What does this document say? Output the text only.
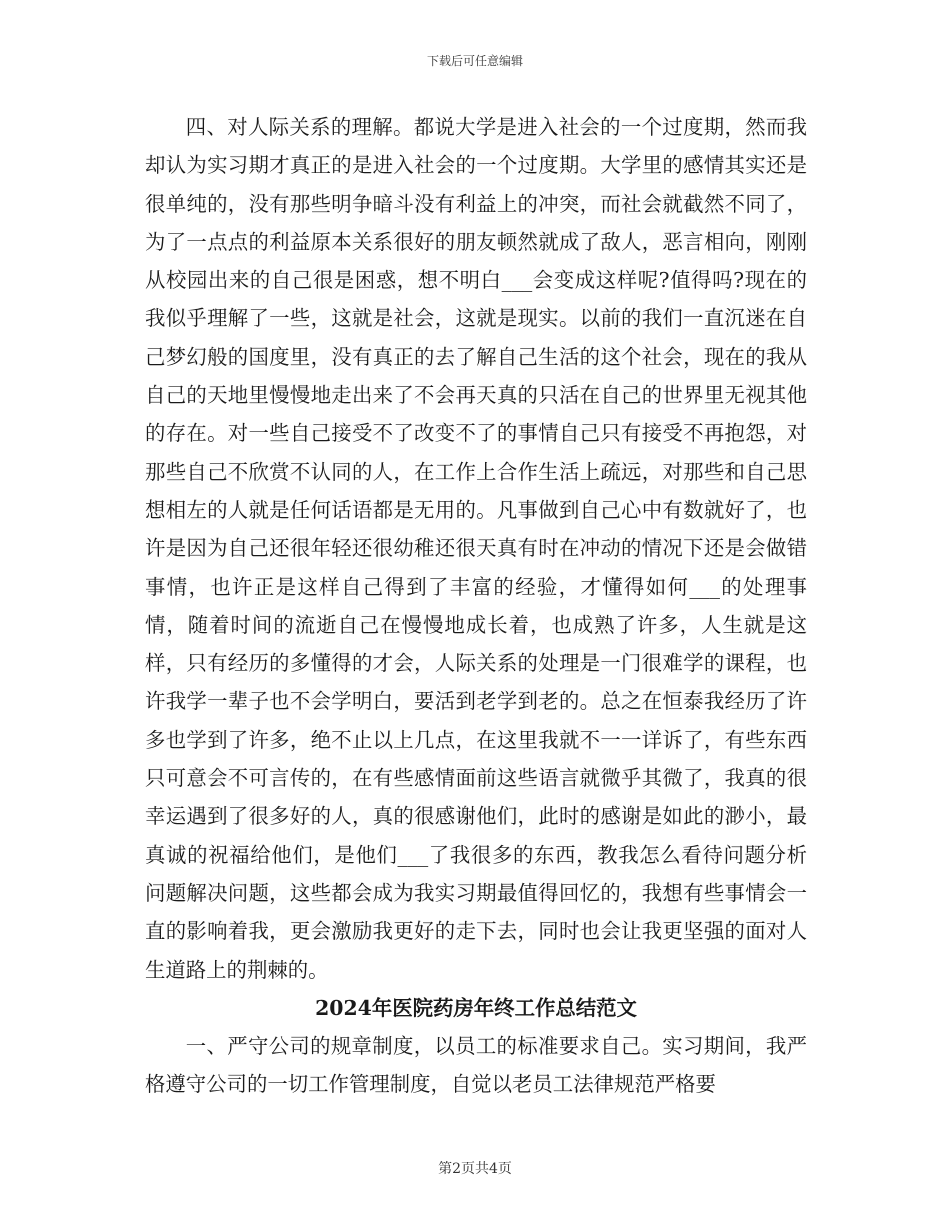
下载后可任意编辑

四、对人际关系的理解。都说大学是进入社会的一个过度期，然而我却认为实习期才真正的是进入社会的一个过度期。大学里的感情其实还是很单纯的，没有那些明争暗斗没有利益上的冲突，而社会就截然不同了，为了一点点的利益原本关系很好的朋友顿然就成了敌人，恶言相向，刚刚从校园出来的自己很是困惑，想不明白___会变成这样呢?值得吗?现在的我似乎理解了一些，这就是社会，这就是现实。以前的我们一直沉迷在自己梦幻般的国度里，没有真正的去了解自己生活的这个社会，现在的我从自己的天地里慢慢地走出来了不会再天真的只活在自己的世界里无视其他的存在。对一些自己接受不了改变不了的事情自己只有接受不再抱怨，对那些自己不欣赏不认同的人，在工作上合作生活上疏远，对那些和自己思想相左的人就是任何话语都是无用的。凡事做到自己心中有数就好了，也许是因为自己还很年轻还很幼稚还很天真有时在冲动的情况下还是会做错事情，也许正是这样自己得到了丰富的经验，才懂得如何___的处理事情，随着时间的流逝自己在慢慢地成长着，也成熟了许多，人生就是这样，只有经历的多懂得的才会，人际关系的处理是一门很难学的课程，也许我学一辈子也不会学明白，要活到老学到老的。总之在恒泰我经历了许多也学到了许多，绝不止以上几点，在这里我就不一一详诉了，有些东西只可意会不可言传的，在有些感情面前这些语言就微乎其微了，我真的很幸运遇到了很多好的人，真的很感谢他们，此时的感谢是如此的渺小，最真诚的祝福给他们，是他们___了我很多的东西，教我怎么看待问题分析问题解决问题，这些都会成为我实习期最值得回忆的，我想有些事情会一直的影响着我，更会激励我更好的走下去，同时也会让我更坚强的面对人生道路上的荆棘的。

2024年医院药房年终工作总结范文

一、严守公司的规章制度，以员工的标准要求自己。实习期间，我严格遵守公司的一切工作管理制度，自觉以老员工法律规范严格要

第2页共4页
